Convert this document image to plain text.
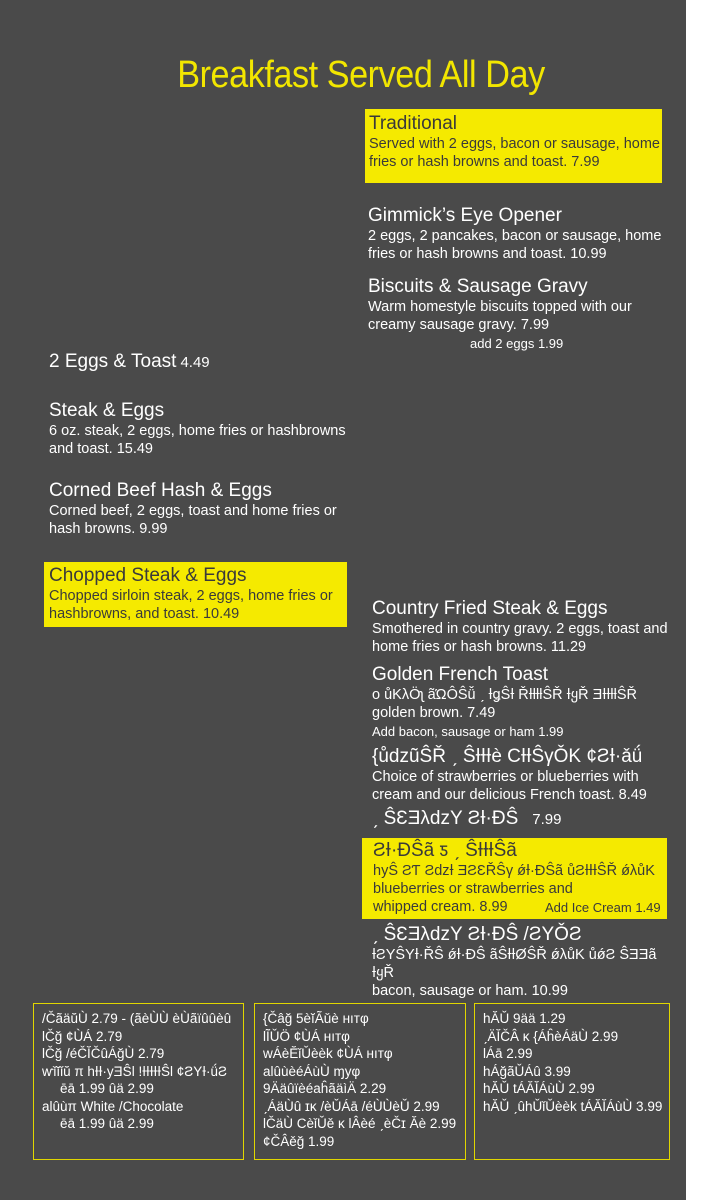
Breakfast Served All Day
Traditional
Served with 2 eggs, bacon or sausage, home fries or hash browns and toast. 7.99
Gimmick’s Eye Opener
2 eggs, 2 pancakes, bacon or sausage, home fries or hash browns and toast. 10.99
Biscuits & Sausage Gravy
Warm homestyle biscuits topped with our creamy sausage gravy. 7.99
add 2 eggs 1.99
2 Eggs & Toast 4.49
Steak & Eggs
6 oz. steak, 2 eggs, home fries or hashbrowns and toast. 15.49
Corned Beef Hash & Eggs
Corned beef, 2 eggs, toast and home fries or hash browns. 9.99
Chopped Steak & Eggs
Chopped sirloin steak, 2 eggs, home fries or hashbrowns, and toast. 10.49	Country Fried Steak & Eggs
Smothered in country gravy. 2 eggs, toast and home fries or hash browns. 11.29
Golden French Toast
ο ůKλÖʅ ãΏÔŜǚ ˏ ƗǥŜƗ ŘƗƚƚƚŜŘ ƗყŘ ƎƗƗƚƚŜŘ
golden brown. 7.49
Add bacon, sausage or ham 1.99
{ůdzũŜŘ ˏ ŜƗƗƗè CƗƗŜγǑK ¢ƧƗ·ǎǘ
Choice of strawberries or blueberries with cream and our delicious French toast. 8.49
ˏ ŜƐƎλdzY ƧƗ·ÐŜ 7.99
ƧƗ·ÐŜã ƽ ˏ ŜƗƗƗŜã
hyŜ ƧƬ ƧdzƗ ƎƧƐŘŜγ ǿƗ·ÐŜã ůƧƗƗƗŜŘ ǿλůK
blueberries or strawberries and
whipped cream. 8.99	Add Ice Cream 1.49
ˏ ŜƐƎλdzY ƧƗ·ÐŜ /ƧYǑƧ
ƗƧYŜYƗ·ŘŜ ǿƗ·ÐŜ ãŜƗƗØŜŘ ǿλůK ůǿƧ ŜƎƎã ƗყŘ
bacon, sausage or ham. 10.99
/ČãäŭÙ 2.79 - (ãèÙÙ èÙãïûûèû
ƖČğ ¢ÙÁ 2.79
ƖČğ /éČĬČûÁğÙ 2.79
ⱳǐĭǐŭ π hƗƗ·yƎŜƖ !ƗƗƗƗƗŜƖ ¢ƧYƗ·ǘƧ
ēā 1.99 ûä 2.99
aƖûùπ White /Chocolate
ēā 1.99 ûä 2.99
{Čâğ 5èĭÃǔè ʜıтφ
ƖĨǓÖ ¢ÙÁ ʜıтφ
wÁèĔǐǓèèk ¢ÙÁ ʜıтφ
aƖûùèéÁùÙ ɱyφ
9ÄäûïèéaĥãäìÄ 2.29
ˏÁäÙû ɪκ /èǓÁā /éÙÙèǓ 2.99
ƖČäÙ CèǐǓě κ ƖÂèé ˏèČɪ Ăè 2.99
¢ČÂěğ 1.99
hĂǓ 9ää 1.29
ˏÄĬČÂ κ {ÁĥèÁäÙ 2.99
ƖÁā 2.99
hÁğãǓÁû 3.99
hĂǓ tÁĂĬÁùÙ 2.99
hĂǓ ˏûhǓǐǓèèk tÁĂĬÁùÙ 3.99
